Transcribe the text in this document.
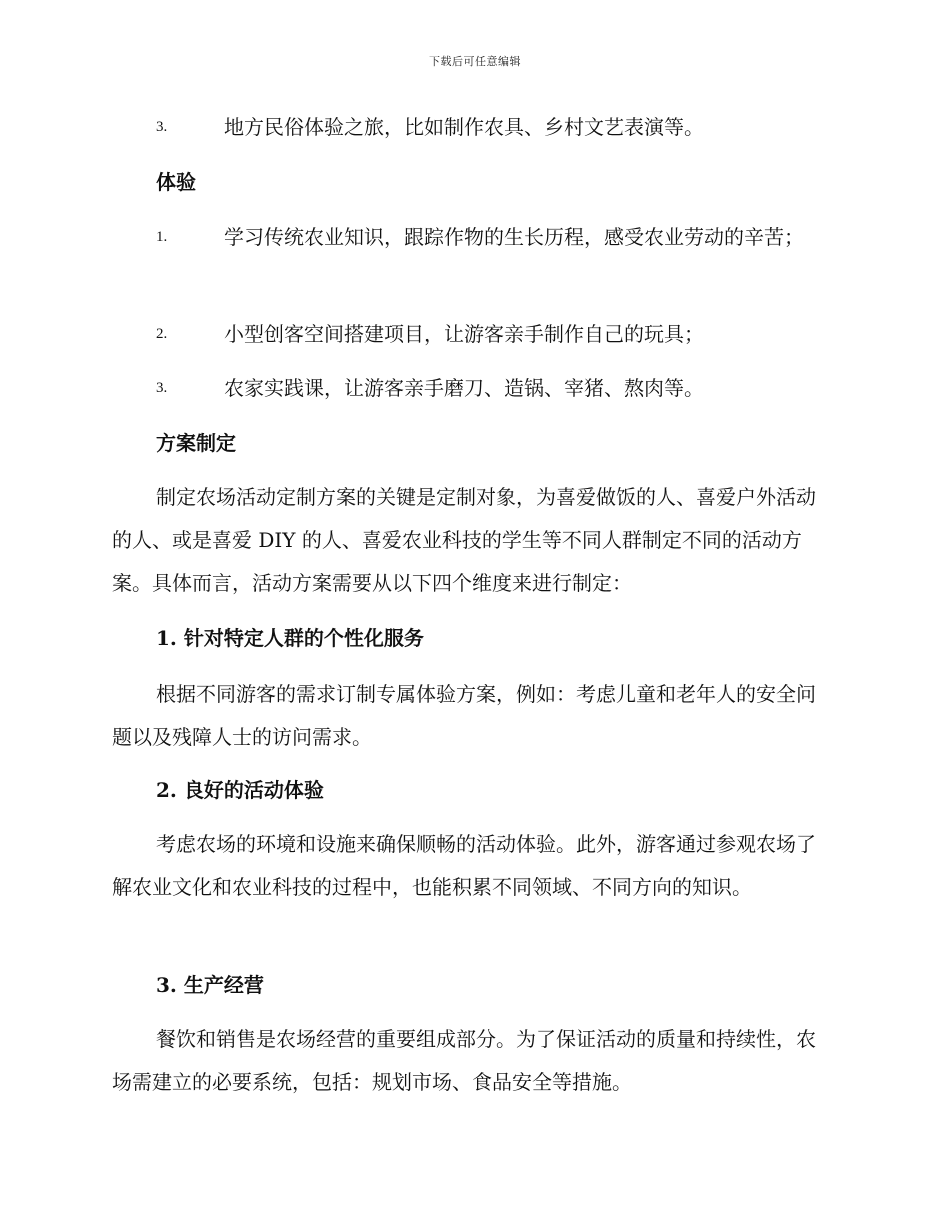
下载后可任意编辑
3.	地方民俗体验之旅，比如制作农具、乡村文艺表演等。
体验
1.	学习传统农业知识，跟踪作物的生长历程，感受农业劳动的辛苦；
2.	小型创客空间搭建项目，让游客亲手制作自己的玩具；
3.	农家实践课，让游客亲手磨刀、造锅、宰猪、熬肉等。
方案制定
制定农场活动定制方案的关键是定制对象，为喜爱做饭的人、喜爱户外活动的人、或是喜爱 DIY 的人、喜爱农业科技的学生等不同人群制定不同的活动方案。具体而言，活动方案需要从以下四个维度来进行制定：
1. 针对特定人群的个性化服务
根据不同游客的需求订制专属体验方案，例如：考虑儿童和老年人的安全问题以及残障人士的访问需求。
2. 良好的活动体验
考虑农场的环境和设施来确保顺畅的活动体验。此外，游客通过参观农场了解农业文化和农业科技的过程中，也能积累不同领域、不同方向的知识。
3. 生产经营
餐饮和销售是农场经营的重要组成部分。为了保证活动的质量和持续性，农场需建立的必要系统，包括：规划市场、食品安全等措施。
